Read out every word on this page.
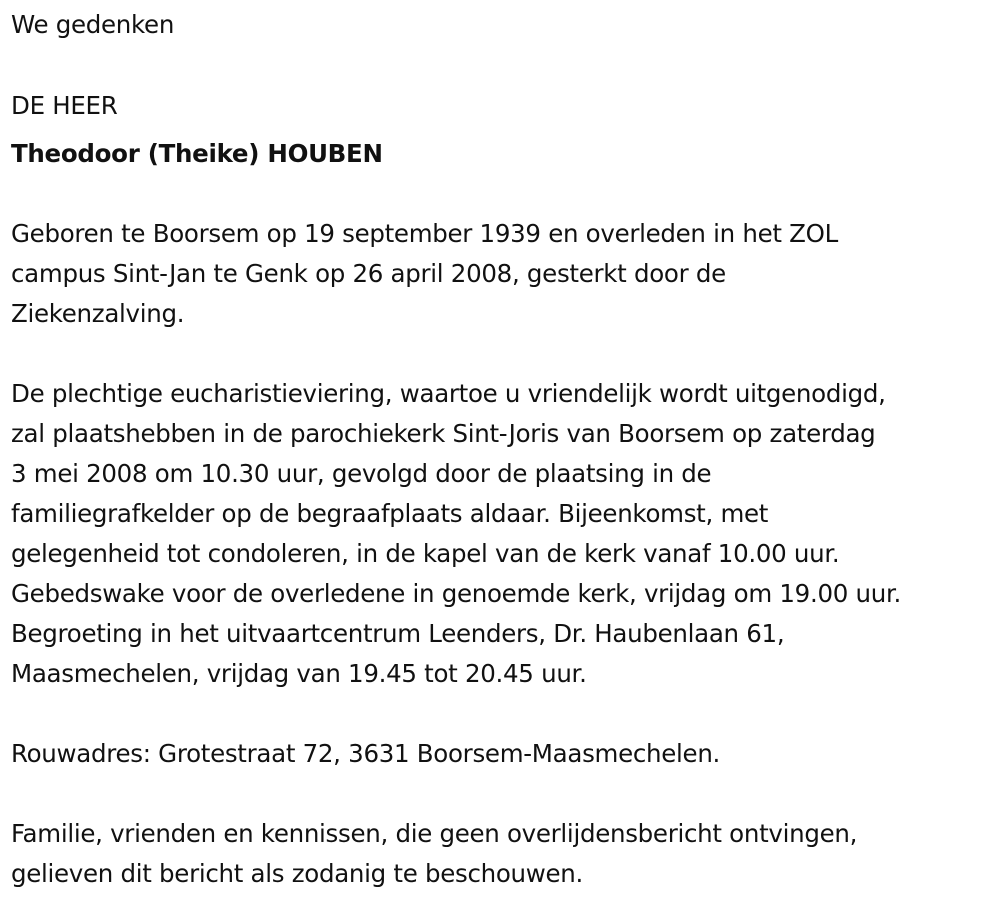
We gedenken
DE HEER
Theodoor (Theike) HOUBEN
Geboren te Boorsem op 19 september 1939 en overleden in het ZOL
campus Sint-Jan te Genk op 26 april 2008, gesterkt door de
Ziekenzalving.
De plechtige eucharistieviering, waartoe u vriendelijk wordt uitgenodigd,
zal plaatshebben in de parochiekerk Sint-Joris van Boorsem op zaterdag
3 mei 2008 om 10.30 uur, gevolgd door de plaatsing in de
familiegrafkelder op de begraafplaats aldaar. Bijeenkomst, met
gelegenheid tot condoleren, in de kapel van de kerk vanaf 10.00 uur.
Gebedswake voor de overledene in genoemde kerk, vrijdag om 19.00 uur.
Begroeting in het uitvaartcentrum Leenders, Dr. Haubenlaan 61,
Maasmechelen, vrijdag van 19.45 tot 20.45 uur.
Rouwadres: Grotestraat 72, 3631 Boorsem-Maasmechelen.
Familie, vrienden en kennissen, die geen overlijdensbericht ontvingen,
gelieven dit bericht als zodanig te beschouwen.
